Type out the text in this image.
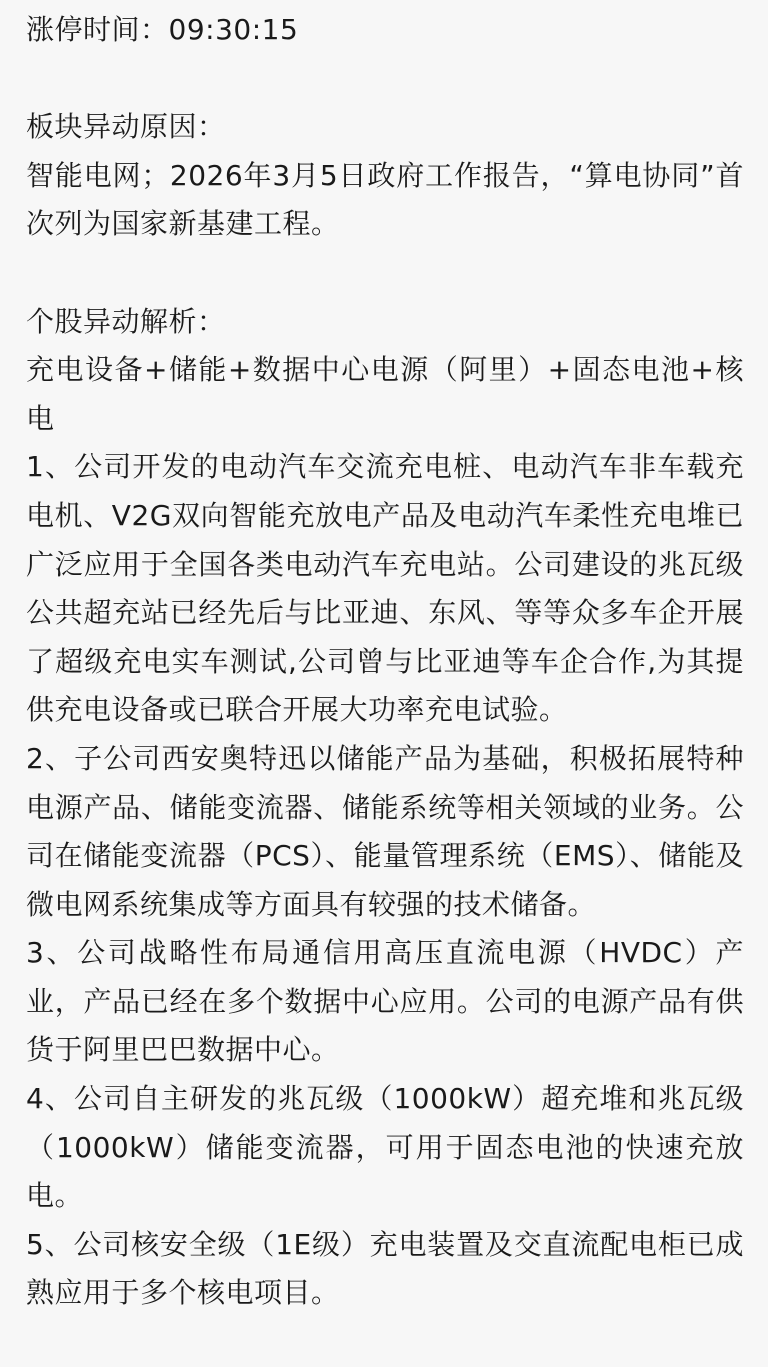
涨停时间：09:30:15

板块异动原因：

智能电网；2026年3月5日政府工作报告，“算电协同”首次列为国家新基建工程。

个股异动解析：

充电设备+储能+数据中心电源（阿里）+固态电池+核电

1、公司开发的电动汽车交流充电桩、电动汽车非车载充电机、V2G双向智能充放电产品及电动汽车柔性充电堆已广泛应用于全国各类电动汽车充电站。公司建设的兆瓦级公共超充站已经先后与比亚迪、东风、等等众多车企开展了超级充电实车测试,公司曾与比亚迪等车企合作,为其提供充电设备或已联合开展大功率充电试验。

2、子公司西安奥特迅以储能产品为基础，积极拓展特种电源产品、储能变流器、储能系统等相关领域的业务。公司在储能变流器（PCS）、能量管理系统（EMS）、储能及微电网系统集成等方面具有较强的技术储备。

3、公司战略性布局通信用高压直流电源（HVDC）产业，产品已经在多个数据中心应用。公司的电源产品有供货于阿里巴巴数据中心。

4、公司自主研发的兆瓦级（1000kW）超充堆和兆瓦级（1000kW）储能变流器，可用于固态电池的快速充放电。

5、公司核安全级（1E级）充电装置及交直流配电柜已成熟应用于多个核电项目。
